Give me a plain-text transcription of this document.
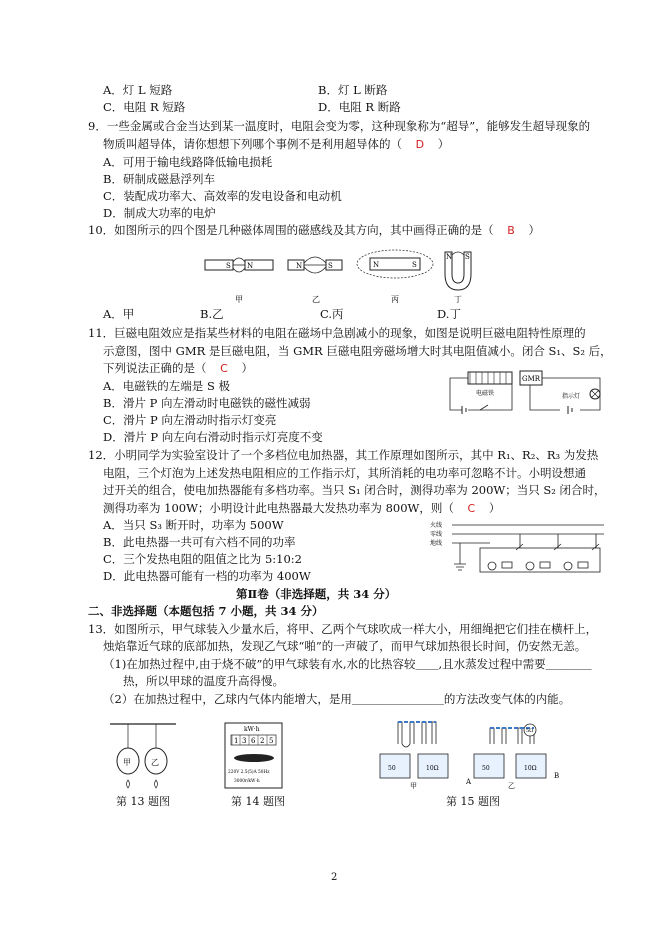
A．灯 L 短路	B．灯 L 断路
C．电阻 R 短路	D．电阻 R 断路
9．一些金属或合金当达到某一温度时，电阻会变为零，这种现象称为“超导”，能够发生超导现象的
物质叫超导体，请你想想下列哪个事例不是利用超导体的（ D ）
A．可用于输电线路降低输电损耗
B．研制成磁悬浮列车
C．装配成功率大、高效率的发电设备和电动机
D．制成大功率的电炉
10．如图所示的四个图是几种磁体周围的磁感线及其方向，其中画得正确的是（ B ）
S N	N	S	N	S
N S
甲	乙	丙	丁
A．甲	B.乙	C.丙	D.丁
11．巨磁电阻效应是指某些材料的电阻在磁场中急剧减小的现象，如图是说明巨磁电阻特性原理的
示意图，图中 GMR 是巨磁电阻，当 GMR 巨磁电阻旁磁场增大时其电阻值减小。闭合 S₁、S₂ 后，
下列说法正确的是（ C ）
A．电磁铁的左端是 S 极
B．滑片 P 向左滑动时电磁铁的磁性减弱
C．滑片 P 向左滑动时指示灯变亮
D．滑片 P 向左向右滑动时指示灯亮度不变
电磁铁
GMR
指示灯
12．小明同学为实验室设计了一个多档位电加热器，其工作原理如图所示，其中 R₁、R₂、R₃ 为发热
电阻，三个灯泡为上述发热电阻相应的工作指示灯，其所消耗的电功率可忽略不计。小明设想通
过开关的组合，使电加热器能有多档功率。当只 S₁ 闭合时，测得功率为 200W；当只 S₂ 闭合时，
测得功率为 100W；小明设计此电热器最大发热功率为 800W，则（ C ）
A．当只 S₃ 断开时，功率为 500W
B．此电热器一共可有六档不同的功率
C．三个发热电阻的阻值之比为 5:10:2
D．此电热器可能有一档的功率为 400W
火线
零线
地线
第Ⅱ卷（非选择题，共 34 分）
二、非选择题（本题包括 7 小题，共 34 分）
13．如图所示，甲气球装入少量水后，将甲、乙两个气球吹成一样大小，用细绳把它们挂在横杆上，
烛焰靠近气球的底部加热，发现乙气球“啪”的一声破了，而甲气球加热很长时间，仍安然无恙。
（1)在加热过程中,由于烧不破”的甲气球装有水,水的比热容较＿＿,且水蒸发过程中需要＿＿＿＿
热，所以甲球的温度升高得慢。
（2）在加热过程中，乙球内气体内能增大，是用＿＿＿＿＿＿＿＿的方法改变气体的内能。
甲	乙
kW·h
1 3 6 2 5
220V 2.5(5)A 50Hz
3000r/kW·h
50	10Ω
甲
5Ω
50	10Ω
A
B
乙
第 13 题图	第 14 题图	第 15 题图
2
